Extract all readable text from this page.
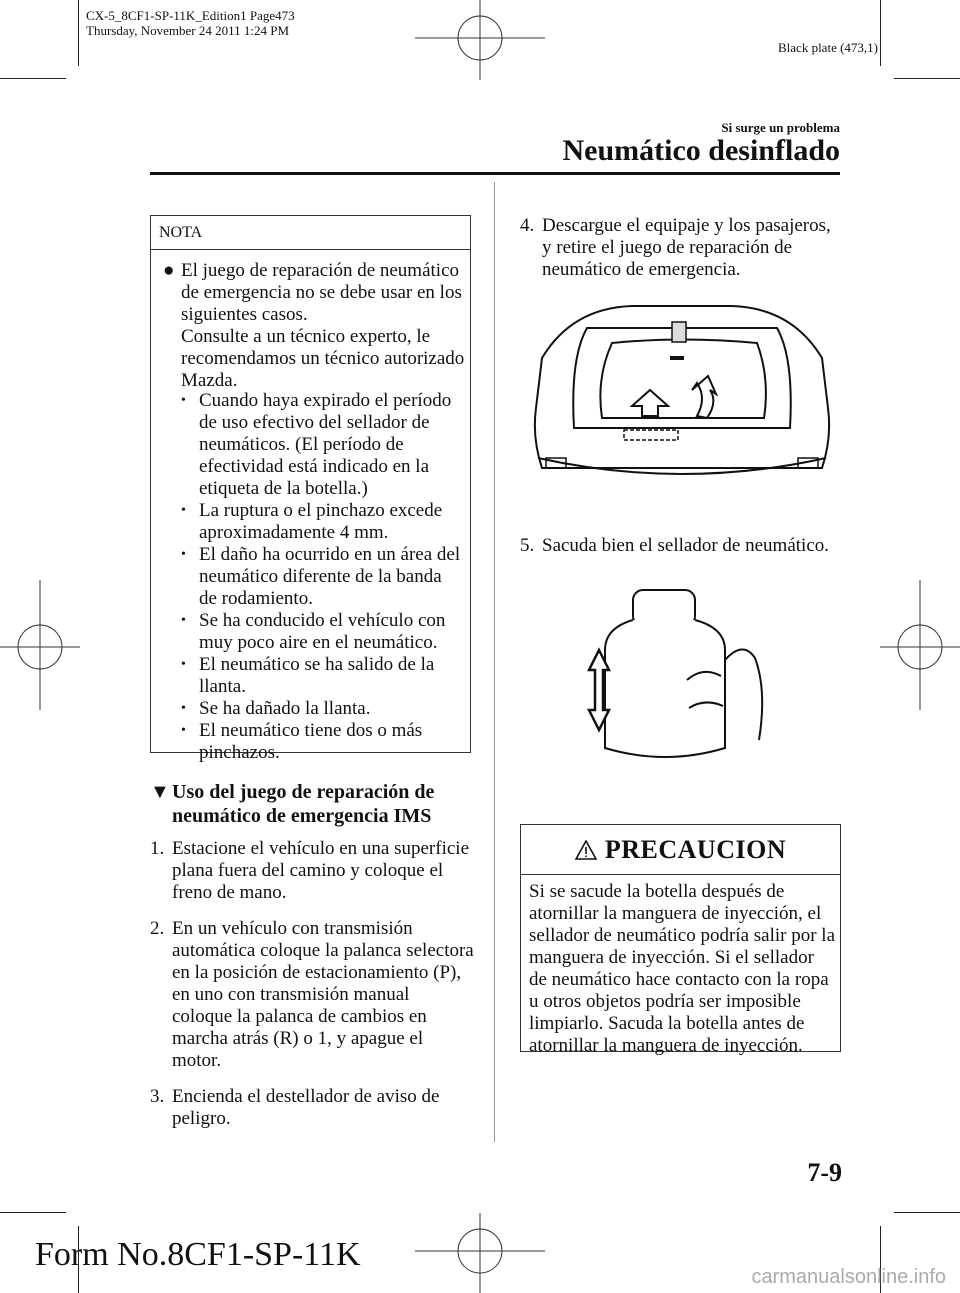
CX-5_8CF1-SP-11K_Edition1 Page473
Thursday, November 24 2011 1:24 PM
Black plate (473,1)
Si surge un problema
Neumático desinflado
NOTA
● El juego de reparación de neumático
de emergencia no se debe usar en los
siguientes casos.
Consulte a un técnico experto, le
recomendamos un técnico autorizado
Mazda.
• Cuando haya expirado el período
de uso efectivo del sellador de
neumáticos. (El período de
efectividad está indicado en la
etiqueta de la botella.)
• La ruptura o el pinchazo excede
aproximadamente 4 mm.
• El daño ha ocurrido en un área del
neumático diferente de la banda
de rodamiento.
• Se ha conducido el vehículo con
muy poco aire en el neumático.
• El neumático se ha salido de la
llanta.
• Se ha dañado la llanta.
• El neumático tiene dos o más
pinchazos.
▼ Uso del juego de reparación de
neumático de emergencia IMS
1. Estacione el vehículo en una superficie
plana fuera del camino y coloque el
freno de mano.
2. En un vehículo con transmisión
automática coloque la palanca selectora
en la posición de estacionamiento (P),
en uno con transmisión manual
coloque la palanca de cambios en
marcha atrás (R) o 1, y apague el
motor.
3. Encienda el destellador de aviso de
peligro.
4. Descargue el equipaje y los pasajeros,
y retire el juego de reparación de
neumático de emergencia.
5. Sacuda bien el sellador de neumático.
PRECAUCION
Si se sacude la botella después de
atornillar la manguera de inyección, el
sellador de neumático podría salir por la
manguera de inyección. Si el sellador
de neumático hace contacto con la ropa
u otros objetos podría ser imposible
limpiarlo. Sacuda la botella antes de
atornillar la manguera de inyección.
7-9
Form No.8CF1-SP-11K
carmanualsonline.info
